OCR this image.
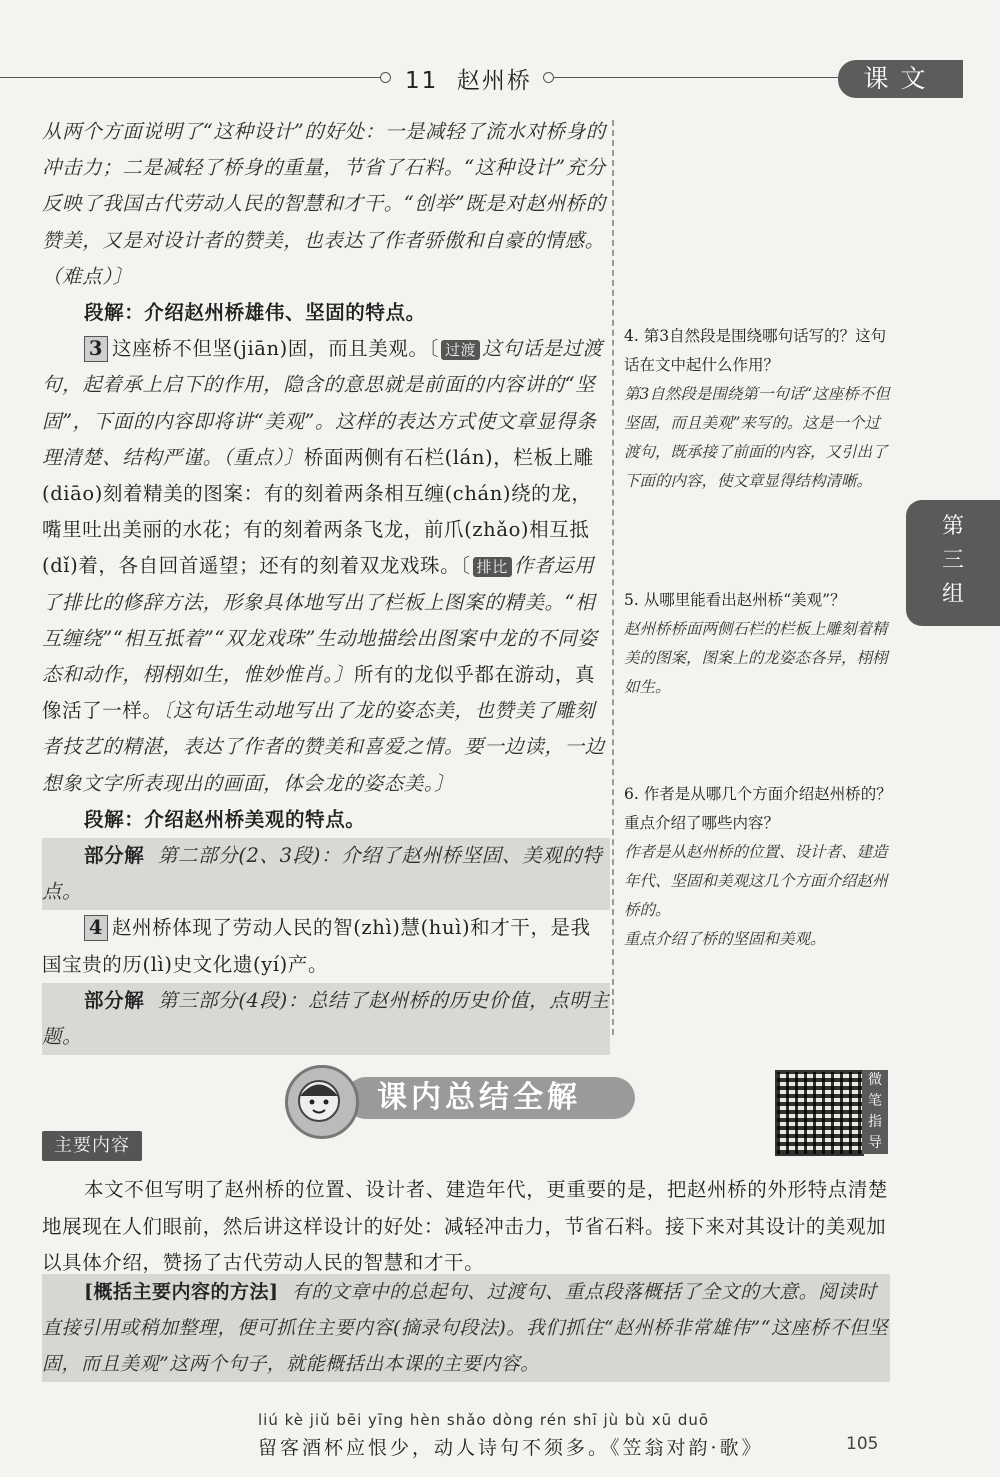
11 赵州桥	课文

从两个方面说明了“这种设计”的好处：一是减轻了流水对桥身的冲击力；二是减轻了桥身的重量，节省了石料。“这种设计”充分反映了我国古代劳动人民的智慧和才干。“创举”既是对赵州桥的赞美，又是对设计者的赞美，也表达了作者骄傲和自豪的情感。（难点）〕

段解：介绍赵州桥雄伟、坚固的特点。

3 这座桥不但坚(jiān)固，而且美观。〔 过渡 这句话是过渡句，起着承上启下的作用，隐含的意思就是前面的内容讲的“坚固”，下面的内容即将讲“美观”。这样的表达方式使文章显得条理清楚、结构严谨。（重点）〕桥面两侧有石栏(lán)，栏板上雕(diāo)刻着精美的图案：有的刻着两条相互缠(chán)绕的龙，嘴里吐出美丽的水花；有的刻着两条飞龙，前爪(zhǎo)相互抵(dǐ)着，各自回首遥望；还有的刻着双龙戏珠。〔 排比 作者运用了排比的修辞方法，形象具体地写出了栏板上图案的精美。“相互缠绕”“相互抵着”“双龙戏珠”生动地描绘出图案中龙的不同姿态和动作，栩栩如生，惟妙惟肖。〕所有的龙似乎都在游动，真像活了一样。〔这句话生动地写出了龙的姿态美，也赞美了雕刻者技艺的精湛，表达了作者的赞美和喜爱之情。要一边读，一边想象文字所表现出的画面，体会龙的姿态美。〕

段解：介绍赵州桥美观的特点。

部分解 第二部分(2、3段)：介绍了赵州桥坚固、美观的特点。

4 赵州桥体现了劳动人民的智(zhì)慧(huì)和才干，是我国宝贵的历(lì)史文化遗(yí)产。

部分解 第三部分(4段)：总结了赵州桥的历史价值，点明主题。

4. 第3自然段是围绕哪句话写的？这句话在文中起什么作用？

第3自然段是围绕第一句话“这座桥不但坚固，而且美观”来写的。这是一个过渡句，既承接了前面的内容，又引出了下面的内容，使文章显得结构清晰。

5. 从哪里能看出赵州桥“美观”？

赵州桥桥面两侧石栏的栏板上雕刻着精美的图案，图案上的龙姿态各异，栩栩如生。

6. 作者是从哪几个方面介绍赵州桥的？重点介绍了哪些内容？

作者是从赵州桥的位置、设计者、建造年代、坚固和美观这几个方面介绍赵州桥的。

重点介绍了桥的坚固和美观。

第
三
组
课内总结全解	微笔指导
主要内容

本文不但写明了赵州桥的位置、设计者、建造年代，更重要的是，把赵州桥的外形特点清楚地展现在人们眼前，然后讲这样设计的好处：减轻冲击力，节省石料。接下来对其设计的美观加以具体介绍，赞扬了古代劳动人民的智慧和才干。

[概括主要内容的方法] 有的文章中的总起句、过渡句、重点段落概括了全文的大意。阅读时直接引用或稍加整理，便可抓住主要内容(摘录句段法)。我们抓住“赵州桥非常雄伟”“这座桥不但坚固，而且美观”这两个句子，就能概括出本课的主要内容。

liú kè jiǔ bēi yīng hèn shǎo dòng rén shī jù bù xū duō
留客酒杯应恨少，动人诗句不须多。《笠翁对韵·歌》	105
